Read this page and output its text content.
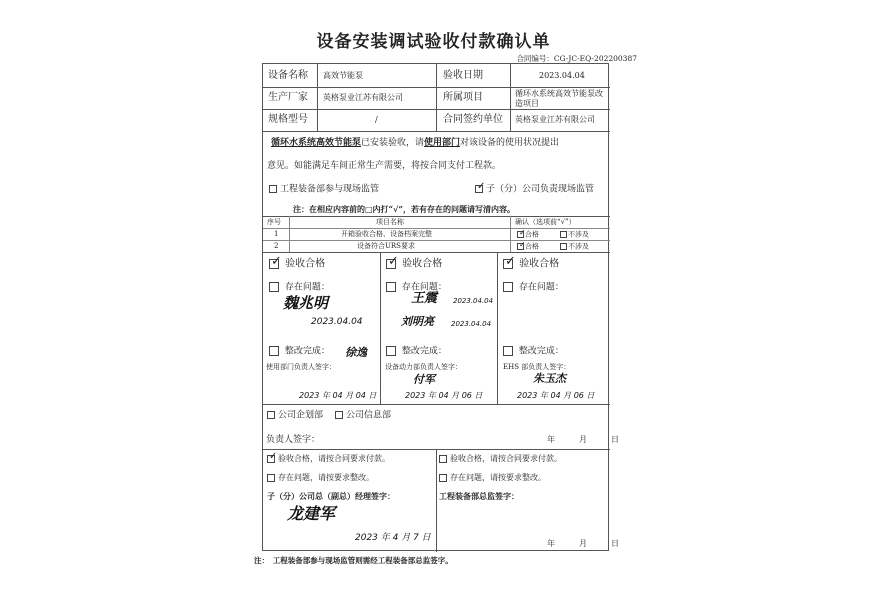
设备安装调试验收付款确认单
合同编号：CG-JC-EQ-202200387
设备名称 高效节能泵	验收日期	2023.04.04
生产厂家 英格泵业江苏有限公司	所属项目	循环水系统高效节能泵改造项目
规格型号	/	合同签约单位 英格泵业江苏有限公司
循环水系统高效节能泵已安装验收，请使用部门对该设备的使用状况提出
意见。如能满足车间正常生产需要，将按合同支付工程款。
工程装备部参与现场监管	✓ 子（分）公司负责现场监管
注：在相应内容前的□内打“√”，若有存在的问题请写清内容。
序号	项目名称	确认（选项前“√”）
1	开箱验收合格、设备档案完整	✓ 合格	不涉及
2	设备符合URS要求	✓ 合格	不涉及
✓ 验收合格
存在问题：
魏兆明
2023.04.04
整改完成： 徐逸
使用部门负责人签字：
2023 年 04 月 04 日
✓ 验收合格
存在问题：
王震 2023.04.04
刘明亮 2023.04.04
整改完成：
设备动力部负责人签字：
付军
2023 年 04 月 06 日
✓ 验收合格
存在问题：
整改完成：
EHS 部负责人签字：
朱玉杰
2023 年 04 月 06 日
公司企划部	公司信息部
负责人签字：	年　　　月　　　日
✓ 验收合格，请按合同要求付款。
存在问题，请按要求整改。
子（分）公司总（副总）经理签字：
龙建军
2023 年 4 月 7 日
验收合格，请按合同要求付款。
存在问题，请按要求整改。
工程装备部总监签字：
年　　　月　　　日
注：　工程装备部参与现场监管则需经工程装备部总监签字。
